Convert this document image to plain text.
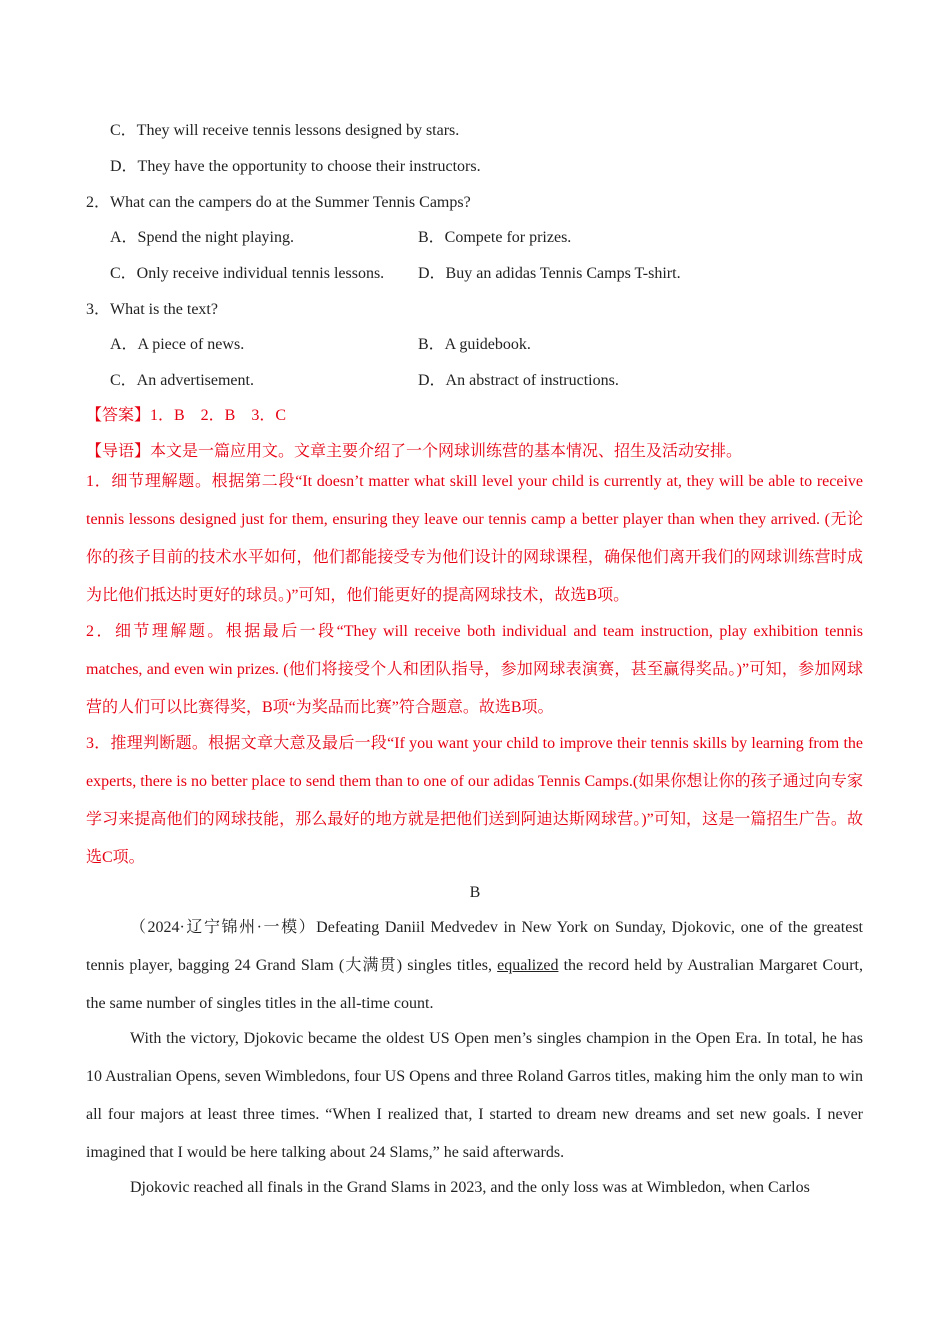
C．They will receive tennis lessons designed by stars.
D．They have the opportunity to choose their instructors.
2．What can the campers do at the Summer Tennis Camps?
A．Spend the night playing.	B．Compete for prizes.
C．Only receive individual tennis lessons. D．Buy an adidas Tennis Camps T-shirt.
3．What is the text?
A．A piece of news.	B．A guidebook.
C．An advertisement.	D．An abstract of instructions.
【答案】1．B　2．B　3．C
【导语】本文是一篇应用文。文章主要介绍了一个网球训练营的基本情况、招生及活动安排。
1．细节理解题。根据第二段“It doesn’t matter what skill level your child is currently at, they will be able to receive tennis lessons designed just for them, ensuring they leave our tennis camp a better player than when they arrived. (无论你的孩子目前的技术水平如何，他们都能接受专为他们设计的网球课程，确保他们离开我们的网球训练营时成为比他们抵达时更好的球员。)”可知，他们能更好的提高网球技术，故选B项。
2．细节理解题。根据最后一段“They will receive both individual and team instruction, play exhibition tennis matches, and even win prizes. (他们将接受个人和团队指导，参加网球表演赛，甚至赢得奖品。)”可知，参加网球营的人们可以比赛得奖，B项“为奖品而比赛”符合题意。故选B项。
3．推理判断题。根据文章大意及最后一段“If you want your child to improve their tennis skills by learning from the experts, there is no better place to send them than to one of our adidas Tennis Camps.(如果你想让你的孩子通过向专家学习来提高他们的网球技能，那么最好的地方就是把他们送到阿迪达斯网球营。)”可知，这是一篇招生广告。故选C项。
B
（2024·辽宁锦州·一模）Defeating Daniil Medvedev in New York on Sunday, Djokovic, one of the greatest tennis player, bagging 24 Grand Slam (大满贯) singles titles, equalized the record held by Australian Margaret Court, the same number of singles titles in the all-time count.
With the victory, Djokovic became the oldest US Open men’s singles champion in the Open Era. In total, he has 10 Australian Opens, seven Wimbledons, four US Opens and three Roland Garros titles, making him the only man to win all four majors at least three times. “When I realized that, I started to dream new dreams and set new goals. I never imagined that I would be here talking about 24 Slams,” he said afterwards.
Djokovic reached all finals in the Grand Slams in 2023, and the only loss was at Wimbledon, when Carlos
